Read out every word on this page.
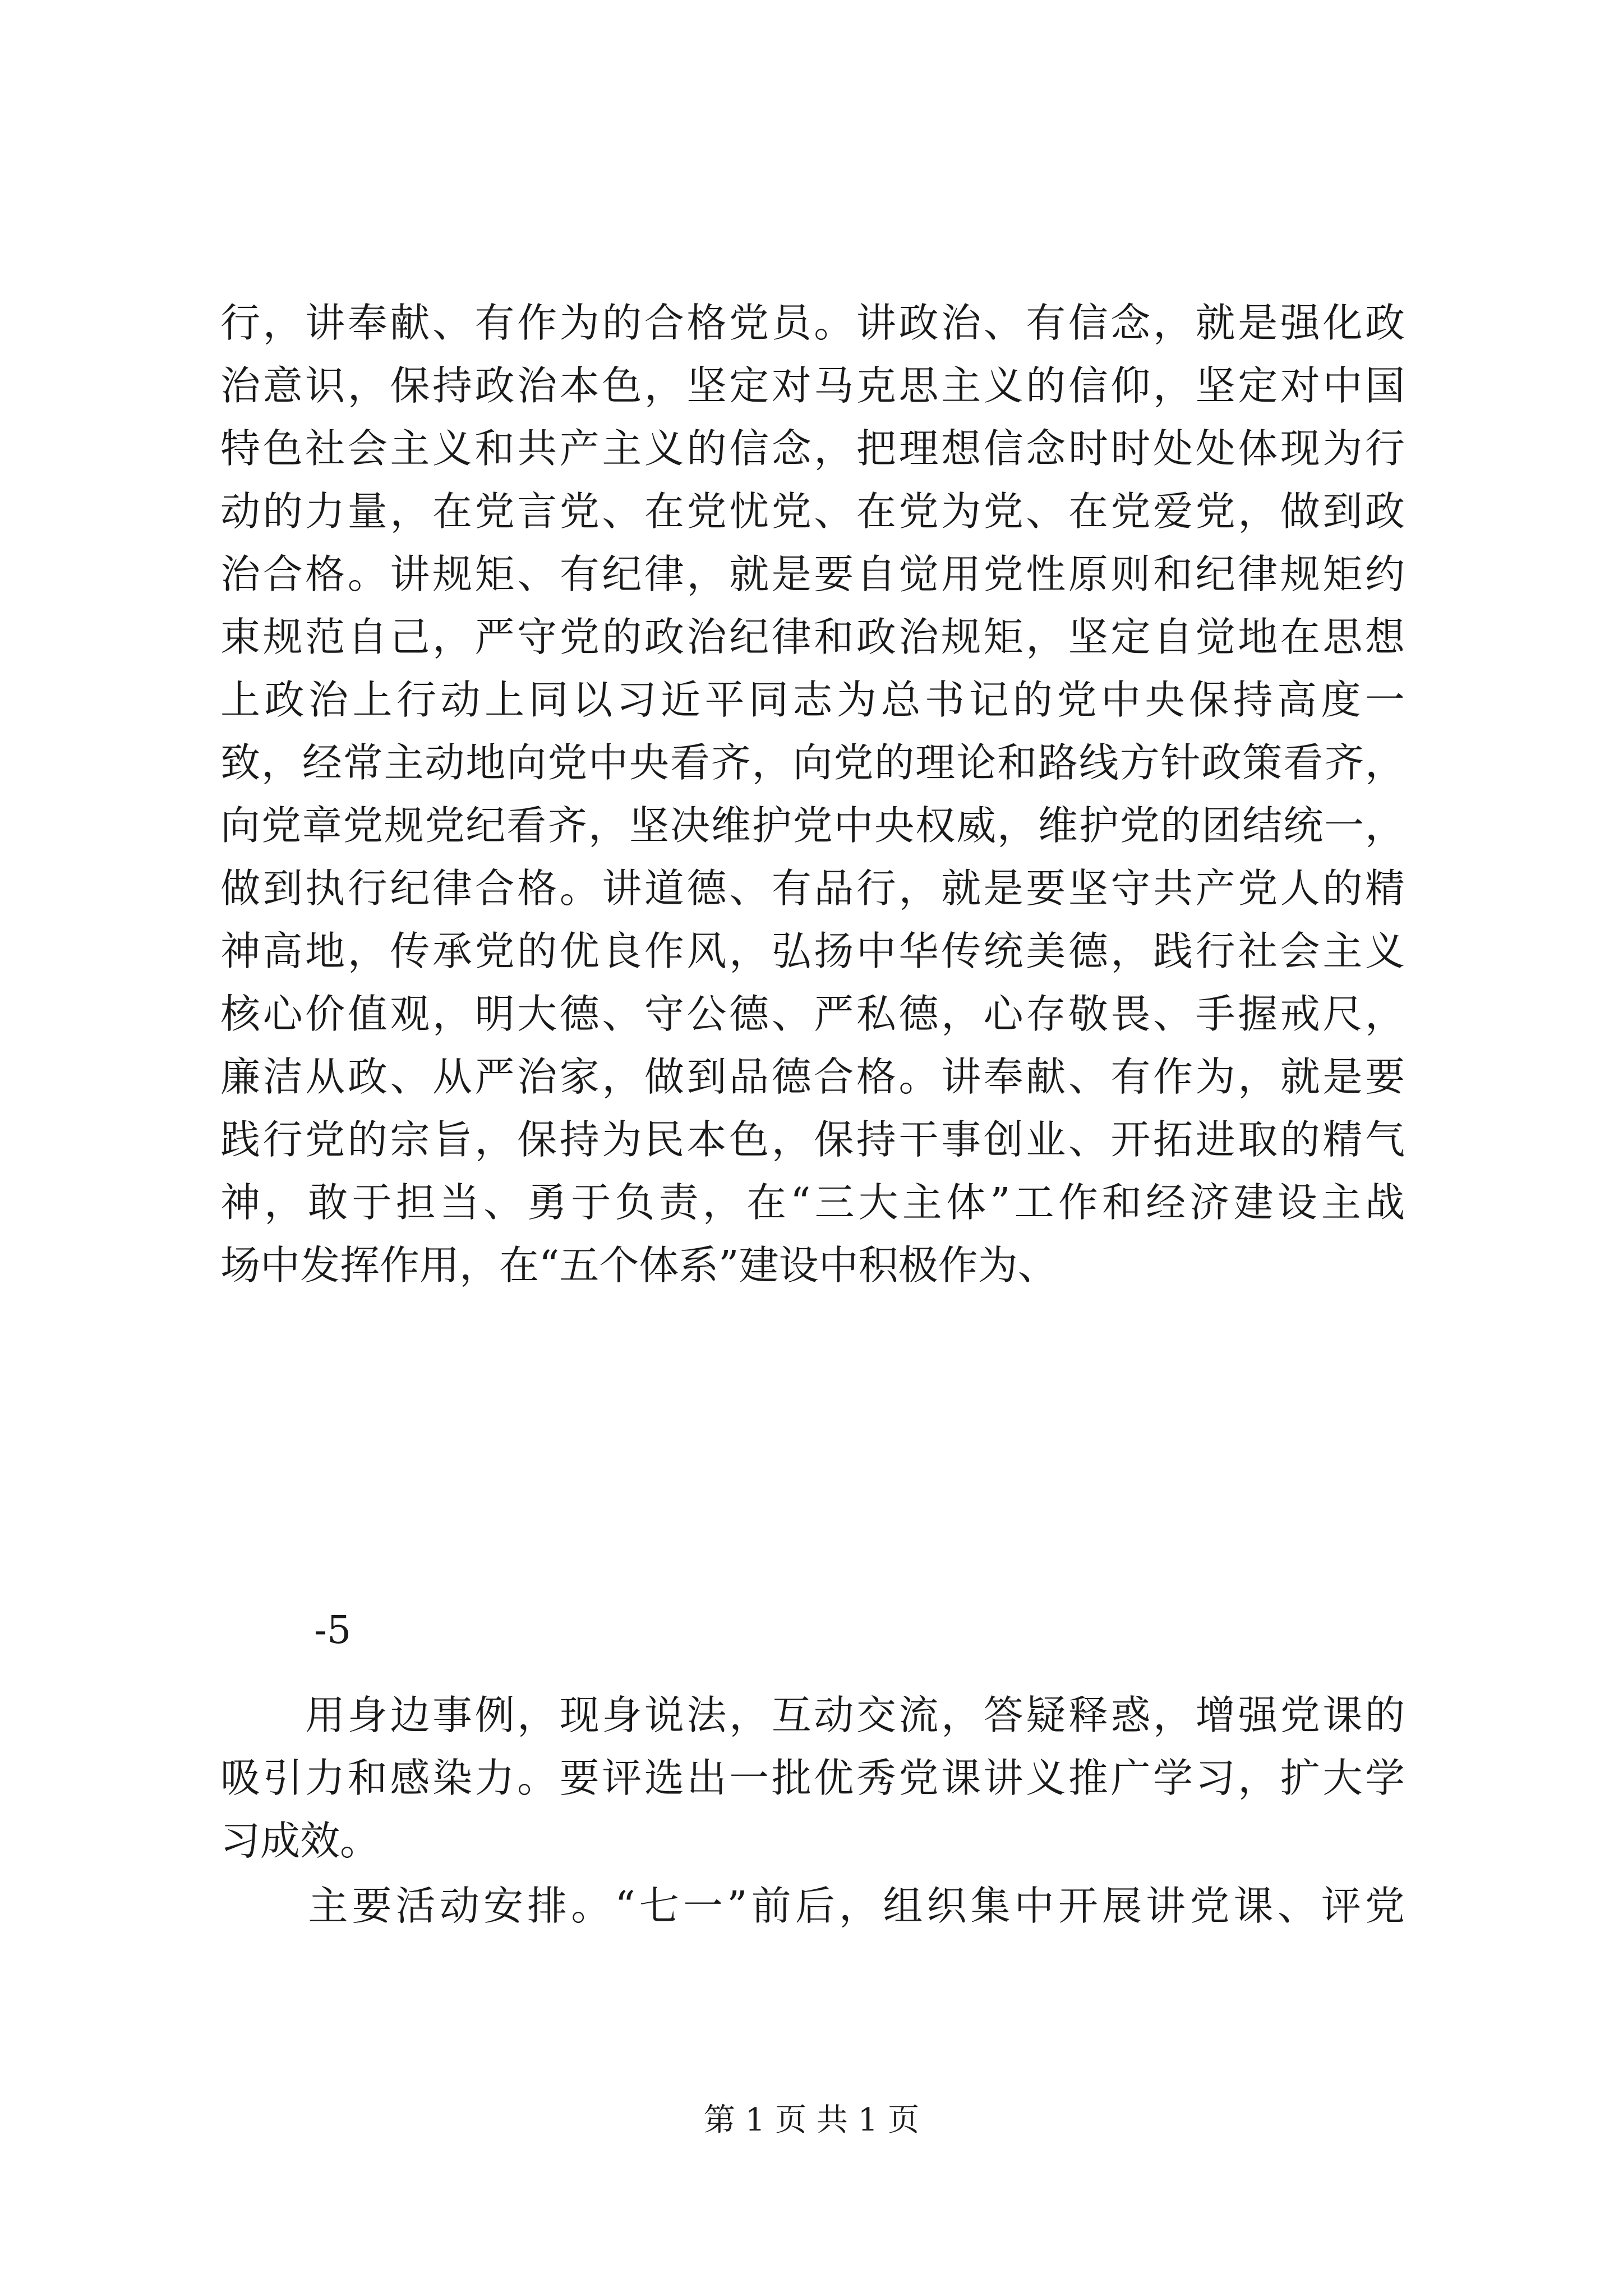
行，讲奉献、有作为的合格党员。讲政治、有信念，就是强化政
治意识，保持政治本色，坚定对马克思主义的信仰，坚定对中国
特色社会主义和共产主义的信念，把理想信念时时处处体现为行
动的力量，在党言党、在党忧党、在党为党、在党爱党，做到政
治合格。讲规矩、有纪律，就是要自觉用党性原则和纪律规矩约
束规范自己，严守党的政治纪律和政治规矩，坚定自觉地在思想
上政治上行动上同以习近平同志为总书记的党中央保持高度一
致，经常主动地向党中央看齐，向党的理论和路线方针政策看齐，
向党章党规党纪看齐，坚决维护党中央权威，维护党的团结统一，
做到执行纪律合格。讲道德、有品行，就是要坚守共产党人的精
神高地，传承党的优良作风，弘扬中华传统美德，践行社会主义
核心价值观，明大德、守公德、严私德，心存敬畏、手握戒尺，
廉洁从政、从严治家，做到品德合格。讲奉献、有作为，就是要
践行党的宗旨，保持为民本色，保持干事创业、开拓进取的精气
神，敢于担当、勇于负责，在“三大主体”工作和经济建设主战
场中发挥作用，在“五个体系”建设中积极作为、
-5
　　用身边事例，现身说法，互动交流，答疑释惑，增强党课的
吸引力和感染力。要评选出一批优秀党课讲义推广学习，扩大学
习成效。
　　主要活动安排。“七一”前后，组织集中开展讲党课、评党
第 1 页 共 1 页
